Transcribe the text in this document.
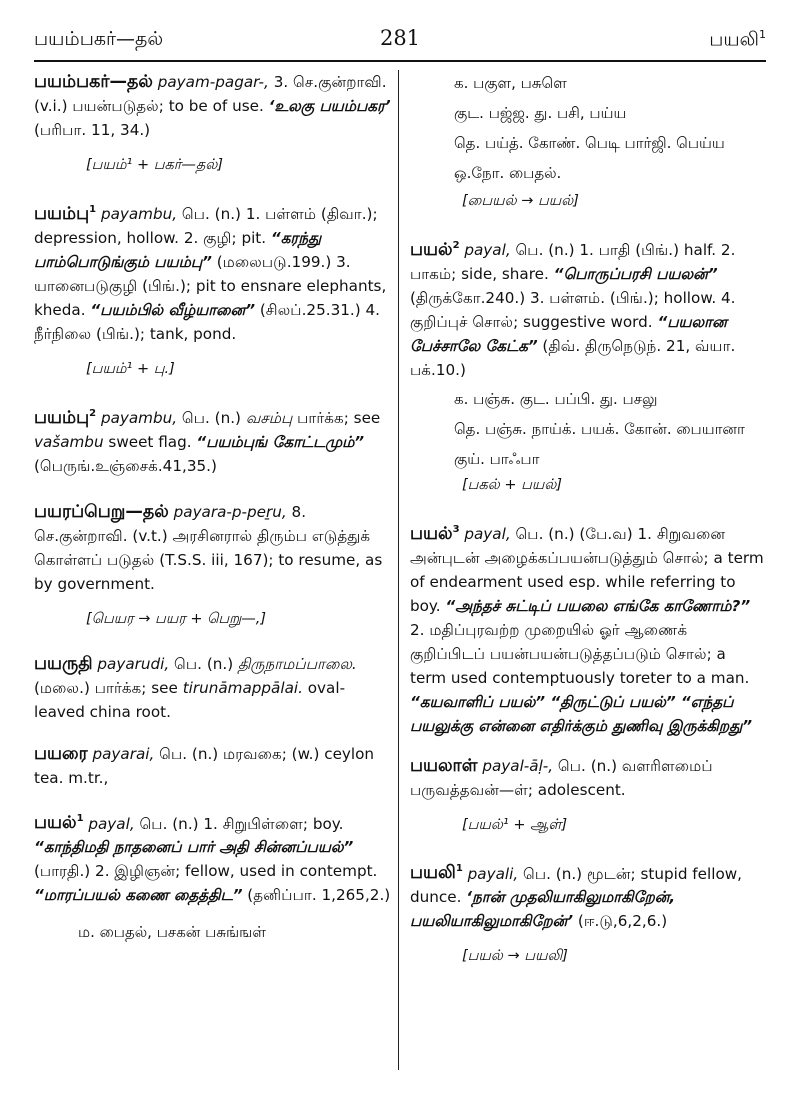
பயம்பகர்—தல்	281	பயலி$^1$

பயம்பகர்—தல் payam-pagar-, 3. செ.குன்றாவி. (v.i.) பயன்படுதல்; to be of use. ‘உலகு பயம்பகர’ (பரிபா. 11, 34.)

[பயம்¹ + பகர்—தல்]

பயம்பு$^1$ payambu, பெ. (n.) 1. பள்ளம் (திவா.); depression, hollow. 2. குழி; pit. “கரந்து பாம்பொடுங்கும் பயம்பு” (மலைபடு.199.) 3. யானைபடுகுழி (பிங்.); pit to ensnare elephants, kheda. “பயம்பில் வீழ்யானை” (சிலப்.25.31.) 4. நீர்நிலை (பிங்.); tank, pond.

[பயம்¹ + பு.]

பயம்பு$^2$ payambu, பெ. (n.) வசம்பு பார்க்க; see vašambu sweet flag. “பயம்புங் கோட்டமும்” (பெருங்.உஞ்சைக்.41,35.)

பயரப்பெறு—தல் payara-p-peṟu, 8. செ.குன்றாவி. (v.t.) அரசினரால் திரும்ப எடுத்துக் கொள்ளப் படுதல் (T.S.S. iii, 167); to resume, as by government.

[பெயர → பயர + பெறு—,]

பயருதி payarudi, பெ. (n.) திருநாமப்பாலை. (மலை.) பார்க்க; see tirunāmappālai. oval-leaved china root.

பயரை payarai, பெ. (n.) மரவகை; (w.) ceylon tea. m.tr.,

பயல்$^1$ payal, பெ. (n.) 1. சிறுபிள்ளை; boy. “காந்திமதி நாதனைப் பார் அதி சின்னப்பயல்” (பாரதி.) 2. இழிஞன்; fellow, used in contempt. “மாரப்பயல் கணை தைத்திட” (தனிப்பா. 1,265,2.)

ம. பைதல், பசகன் பசுங்ஙள்
க. பகுள, பசுளெ
குட. பஜ்ஜ. து. பசி, பய்ய
தெ. பய்த். கோண். பெடி பார்ஜி. பெய்ய
ஒ.நோ. பைதல்.
[பையல் → பயல்]

பயல்$^2$ payal, பெ. (n.) 1. பாதி (பிங்.) half. 2. பாகம்; side, share. “பொருப்பரசி பயலன்” (திருக்கோ.240.) 3. பள்ளம். (பிங்.); hollow. 4. குறிப்புச் சொல்; suggestive word. “பயலான பேச்சாலே கேட்க” (திவ். திருநெடுந். 21, வ்யா. பக்.10.)

க. பஞ்சு. குட. பப்பி. து. பசலு
தெ. பஞ்சு. நாய்க். பயக். கோன். பையானா
குய். பாஃபா
[பகல் + பயல்]

பயல்$^3$ payal, பெ. (n.) (பே.வ) 1. சிறுவனை அன்புடன் அழைக்கப்பயன்படுத்தும் சொல்; a term of endearment used esp. while referring to boy. “அந்தச் சுட்டிப் பயலை எங்கே காணோம்?” 2. மதிப்புரவற்ற முறையில் ஓர் ஆணைக் குறிப்பிடப் பயன்பயன்படுத்தப்படும் சொல்; a term used contemptuously toreter to a man. “கயவாளிப் பயல்” “திருட்டுப் பயல்” “எந்தப் பயலுக்கு என்னை எதிர்க்கும் துணிவு இருக்கிறது”

பயலாள் payal-āḷ-, பெ. (n.) வளரிளமைப் பருவத்தவன்—ள்; adolescent.

[பயல்¹ + ஆள்]

பயலி$^1$ payali, பெ. (n.) மூடன்; stupid fellow, dunce. ‘நான் முதலியாகிலுமாகிறேன், பயலியாகிலுமாகிறேன்’ (ஈ.டு,6,2,6.)

[பயல் → பயலி]
